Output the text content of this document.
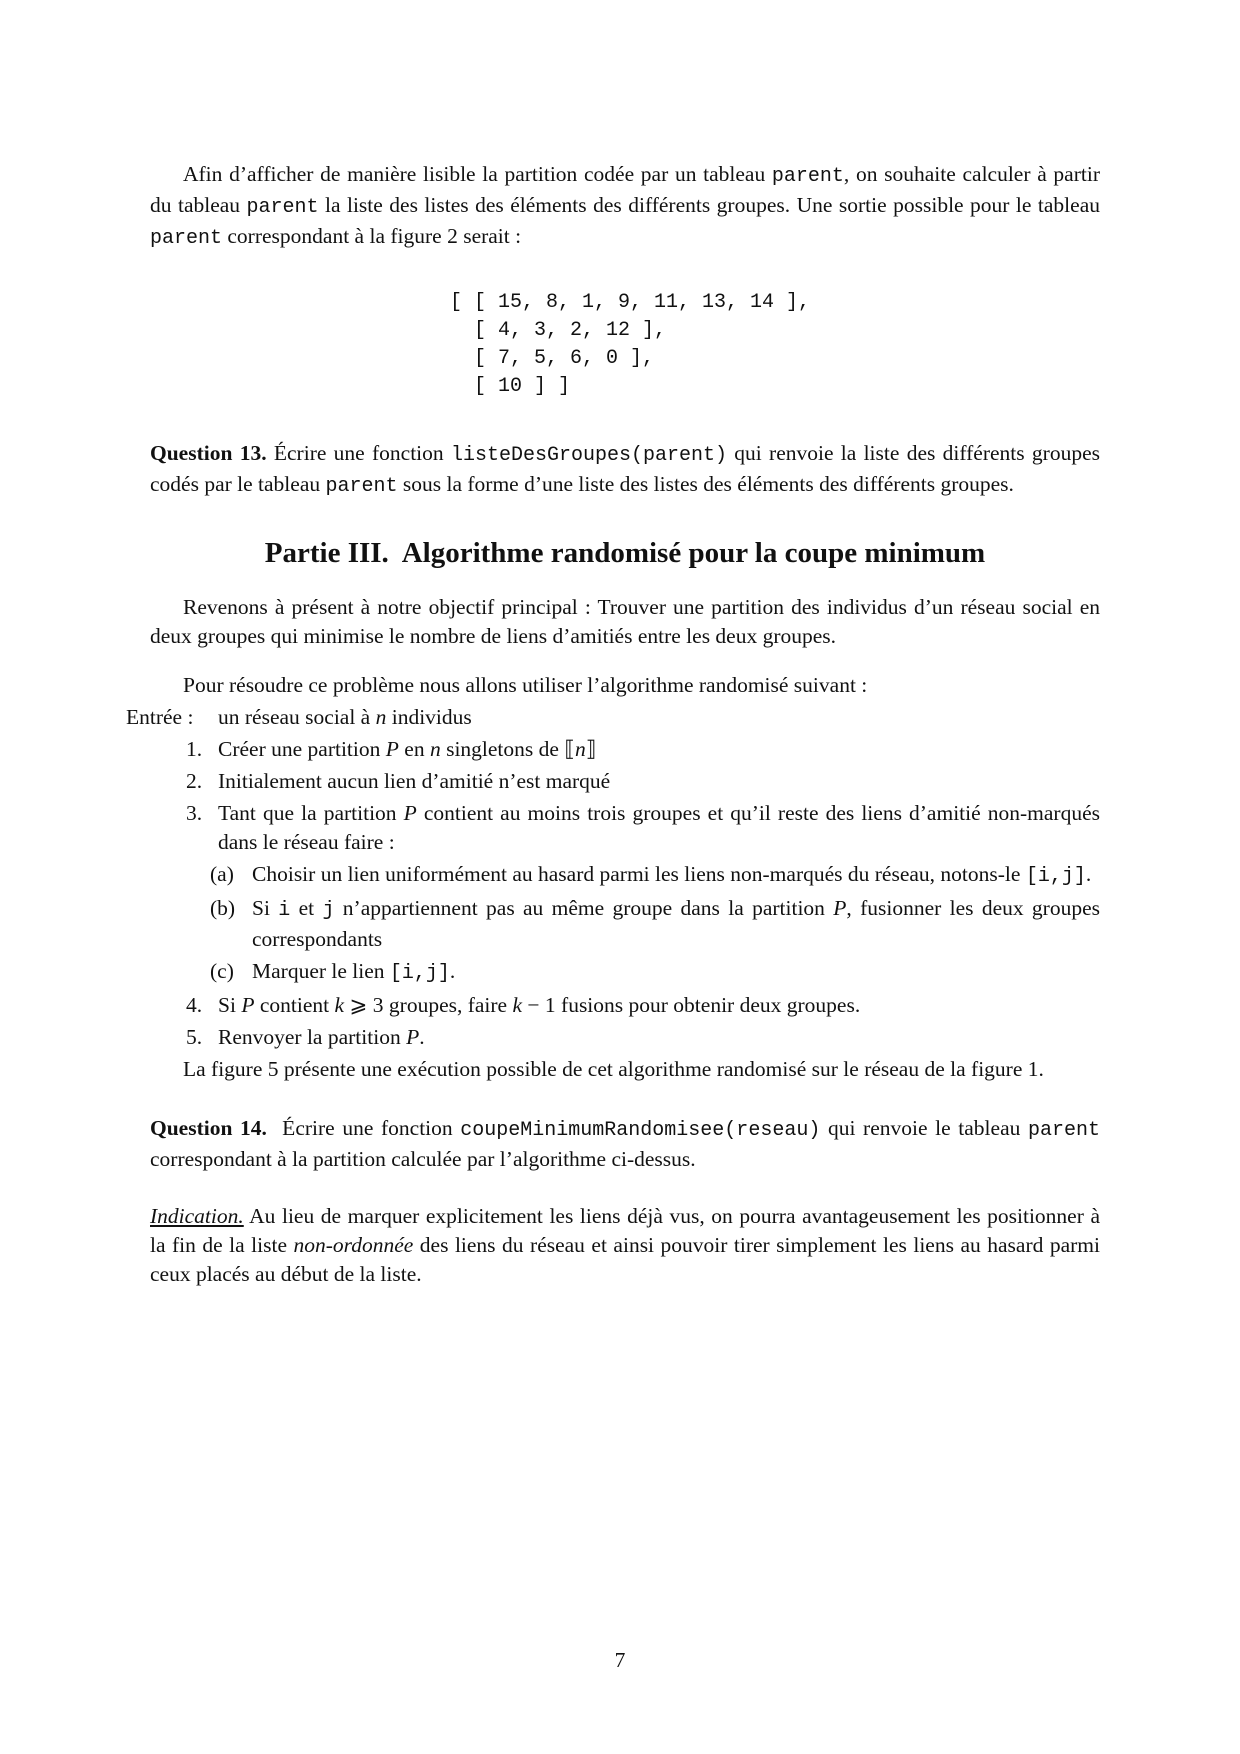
Afin d’afficher de manière lisible la partition codée par un tableau parent, on souhaite calculer à partir du tableau parent la liste des listes des éléments des différents groupes. Une sortie possible pour le tableau parent correspondant à la figure 2 serait :

[ [ 15, 8, 1, 9, 11, 13, 14 ],
[ 4, 3, 2, 12 ],
[ 7, 5, 6, 0 ],
[ 10 ] ]

Question 13. Écrire une fonction listeDesGroupes(parent) qui renvoie la liste des différents groupes codés par le tableau parent sous la forme d’une liste des listes des éléments des différents groupes.

Partie III.  Algorithme randomisé pour la coupe minimum

Revenons à présent à notre objectif principal : Trouver une partition des individus d’un réseau social en deux groupes qui minimise le nombre de liens d’amitiés entre les deux groupes.

Pour résoudre ce problème nous allons utiliser l’algorithme randomisé suivant :

Entrée : un réseau social à n individus
1. Créer une partition P en n singletons de ⟦n⟧
2. Initialement aucun lien d’amitié n’est marqué
3. Tant que la partition P contient au moins trois groupes et qu’il reste des liens d’amitié non-marqués dans le réseau faire :
(a) Choisir un lien uniformément au hasard parmi les liens non-marqués du réseau, notons-le [i,j].
(b) Si i et j n’appartiennent pas au même groupe dans la partition P, fusionner les deux groupes correspondants
(c) Marquer le lien [i,j].
4. Si P contient k ⩾ 3 groupes, faire k − 1 fusions pour obtenir deux groupes.
5. Renvoyer la partition P.

La figure 5 présente une exécution possible de cet algorithme randomisé sur le réseau de la figure 1.

Question 14.  Écrire une fonction coupeMinimumRandomisee(reseau) qui renvoie le tableau parent correspondant à la partition calculée par l’algorithme ci-dessus.

Indication. Au lieu de marquer explicitement les liens déjà vus, on pourra avantageusement les positionner à la fin de la liste non-ordonnée des liens du réseau et ainsi pouvoir tirer simplement les liens au hasard parmi ceux placés au début de la liste.

7
